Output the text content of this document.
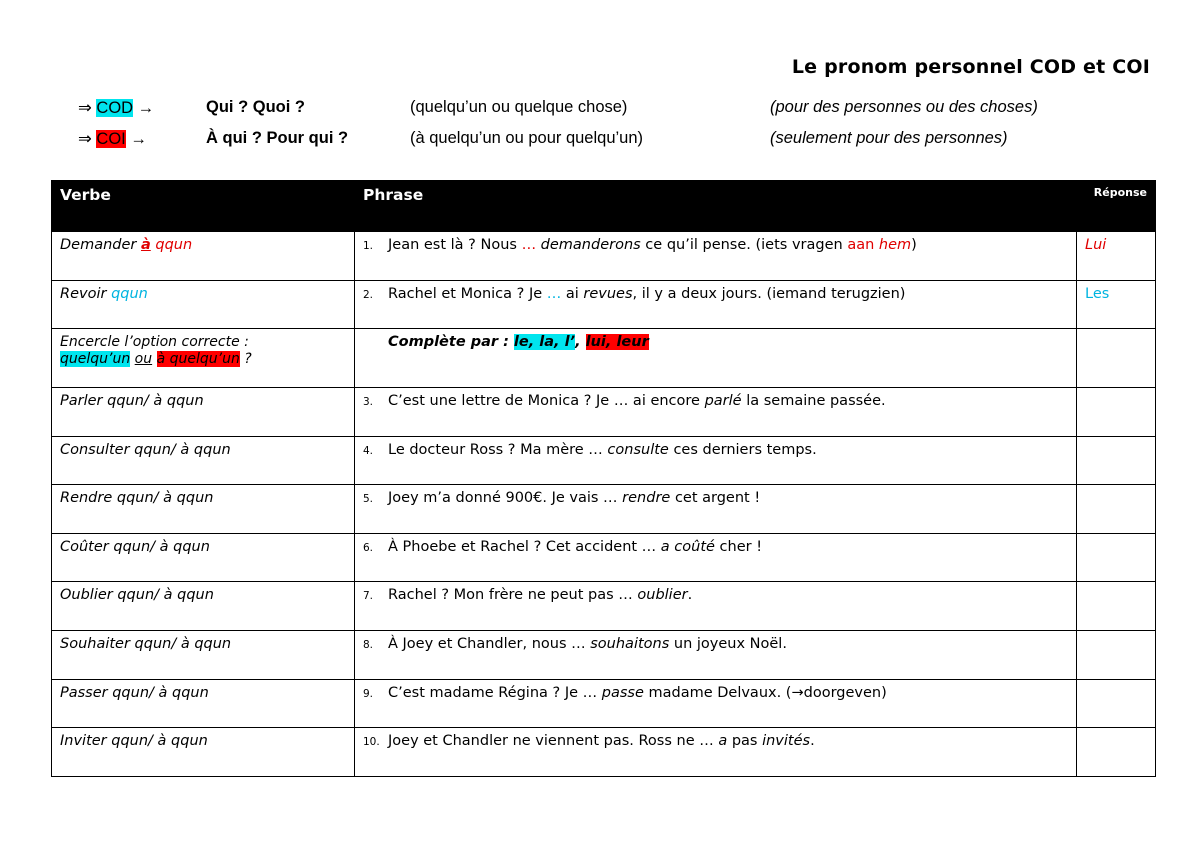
Le pronom personnel COD et COI
⇒ COD →	Qui ? Quoi ?	(quelqu’un ou quelque chose)	(pour des personnes ou des choses)
⇒ COI →	À qui ? Pour qui ?	(à quelqu’un ou pour quelqu’un)	(seulement pour des personnes)
Verbe	Phrase	Réponse
Demander à qqun	1. Jean est là ? Nous … demanderons ce qu’il pense. (iets vragen aan hem)	Lui
Revoir qqun	2. Rachel et Monica ? Je … ai revues, il y a deux jours. (iemand terugzien)	Les

Encercle l’option correcte :
quelqu’un ou à quelqu’un ?	Complète par : le, la, l’, lui, leur	
Parler qqun/ à qqun	3. C’est une lettre de Monica ? Je … ai encore parlé la semaine passée.	
Consulter qqun/ à qqun	4. Le docteur Ross ? Ma mère … consulte ces derniers temps.	
Rendre qqun/ à qqun	5. Joey m’a donné 900€. Je vais … rendre cet argent !	
Coûter qqun/ à qqun	6. À Phoebe et Rachel ? Cet accident … a coûté cher !	
Oublier qqun/ à qqun	7. Rachel ? Mon frère ne peut pas … oublier.	
Souhaiter qqun/ à qqun	8. À Joey et Chandler, nous … souhaitons un joyeux Noël.	
Passer qqun/ à qqun	9. C’est madame Régina ? Je … passe madame Delvaux. (→doorgeven)	
Inviter qqun/ à qqun	10. Joey et Chandler ne viennent pas. Ross ne … a pas invités.	
